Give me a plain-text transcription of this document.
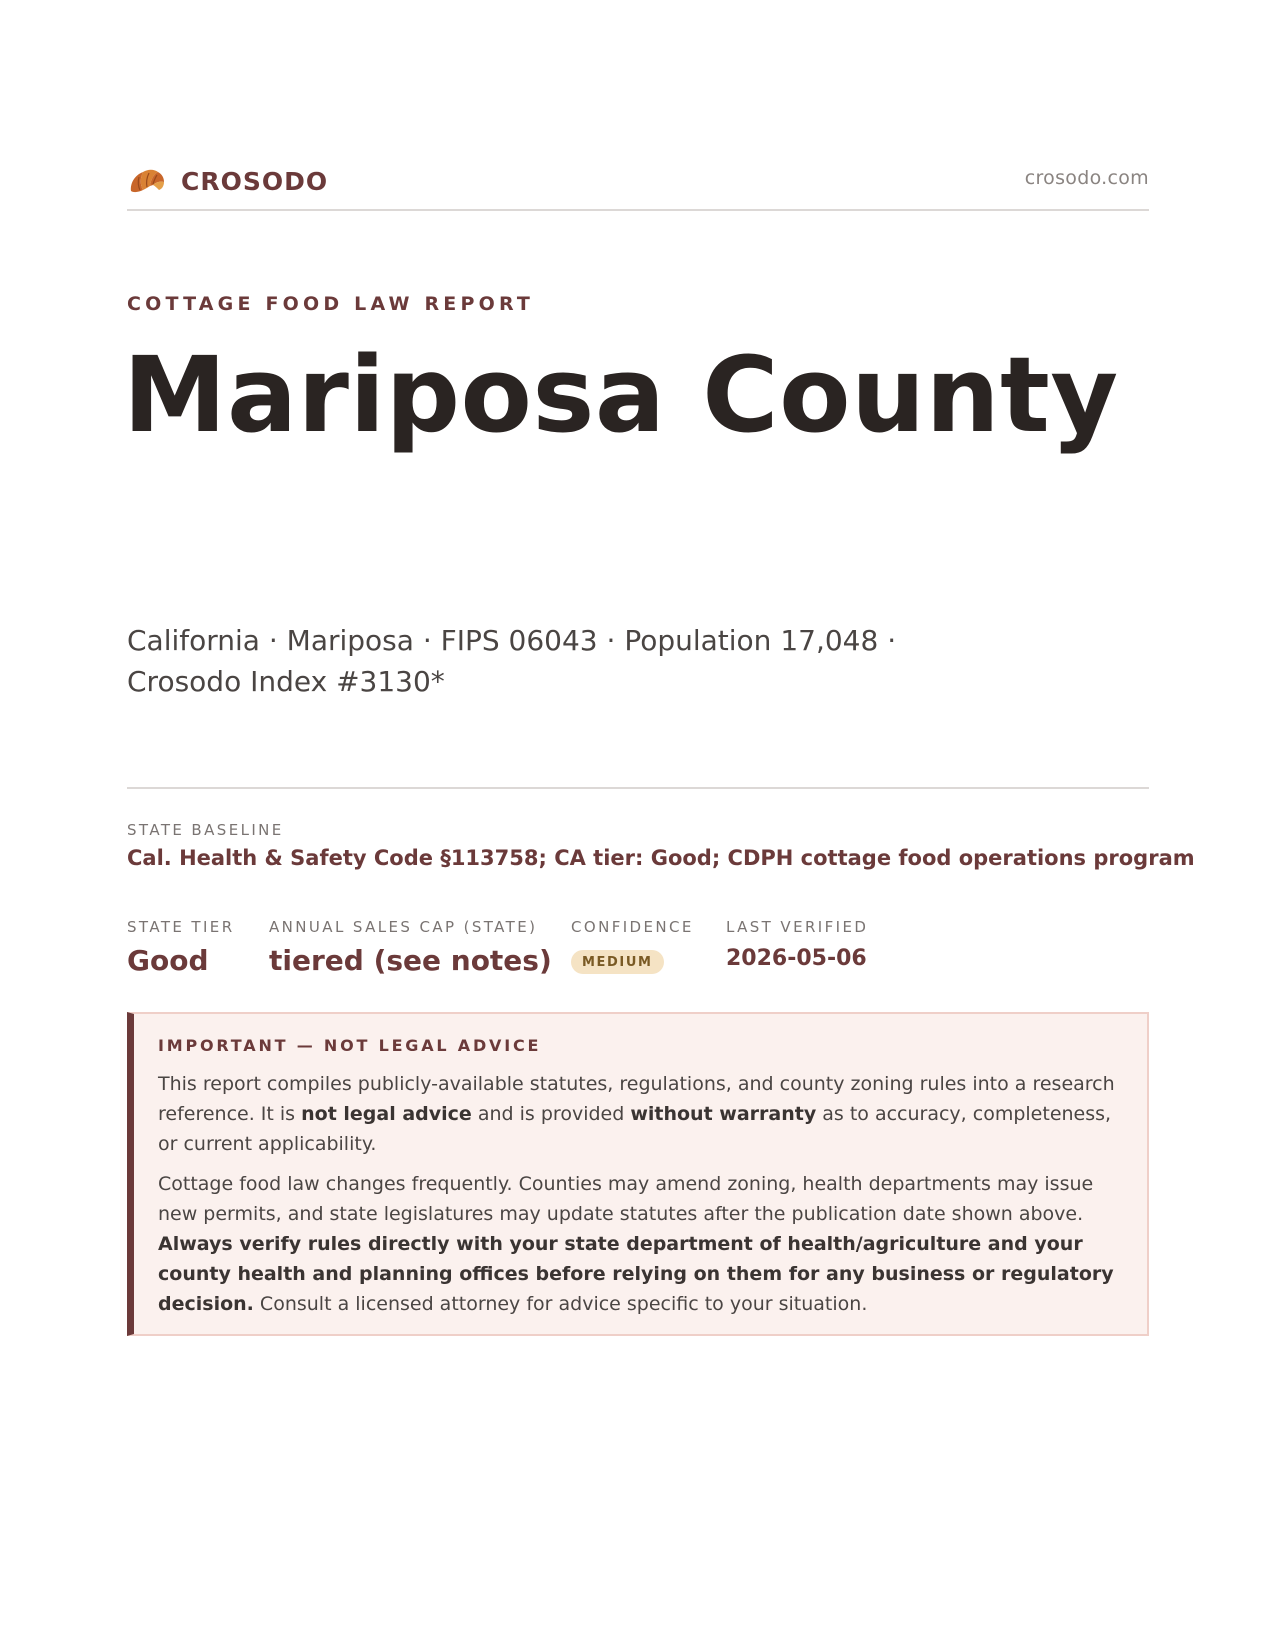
CROSODO	crosodo.com
COTTAGE FOOD LAW REPORT
Mariposa County
California · Mariposa · FIPS 06043 · Population 17,048 ·
Crosodo Index #3130*
STATE BASELINE
Cal. Health & Safety Code §113758; CA tier: Good; CDPH cottage food operations program
STATE TIER
Good
ANNUAL SALES CAP (STATE)
tiered (see notes)
CONFIDENCE
MEDIUM
LAST VERIFIED
2026-05-06
IMPORTANT — NOT LEGAL ADVICE

This report compiles publicly-available statutes, regulations, and county zoning rules into a research reference. It is not legal advice and is provided without warranty as to accuracy, completeness, or current applicability.

Cottage food law changes frequently. Counties may amend zoning, health departments may issue new permits, and state legislatures may update statutes after the publication date shown above. Always verify rules directly with your state department of health/agriculture and your county health and planning offices before relying on them for any business or regulatory decision. Consult a licensed attorney for advice specific to your situation.
